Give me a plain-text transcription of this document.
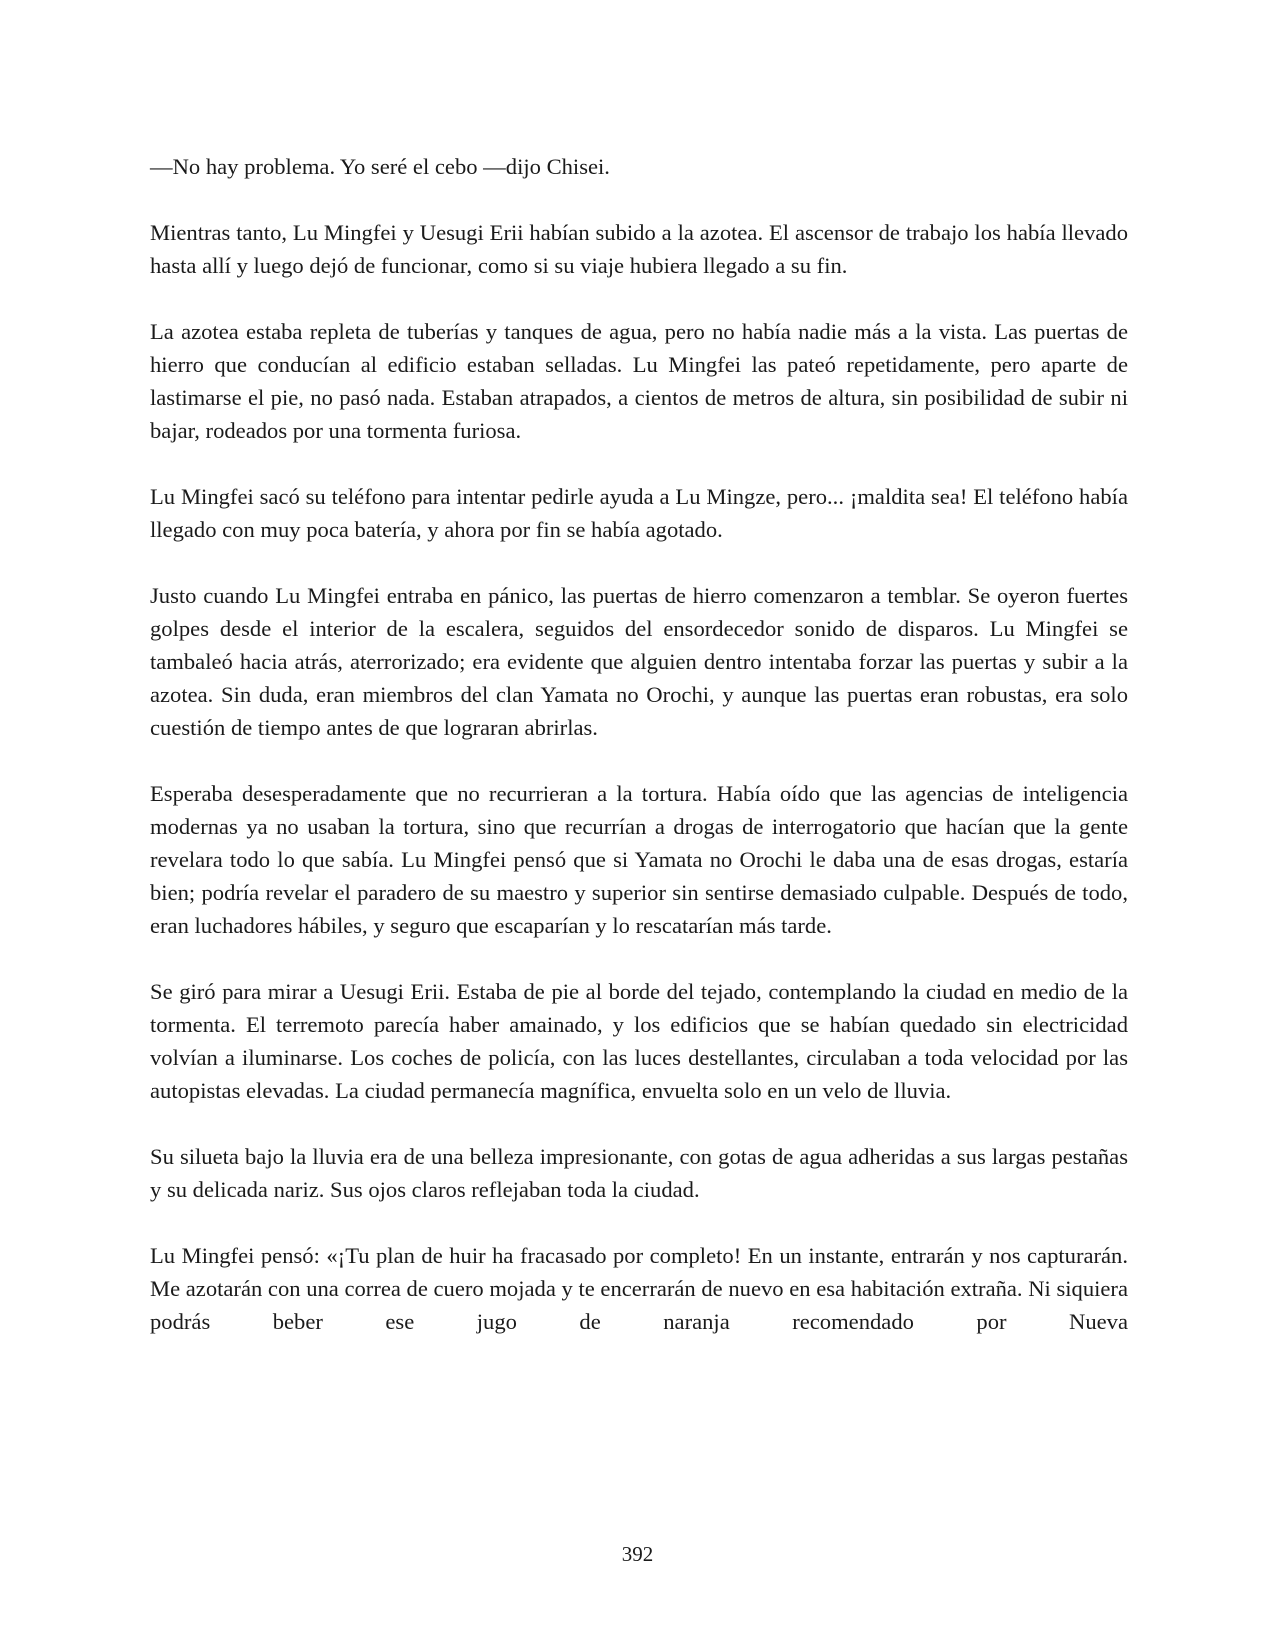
—No hay problema. Yo seré el cebo —dijo Chisei.

Mientras tanto, Lu Mingfei y Uesugi Erii habían subido a la azotea. El ascensor de trabajo los había llevado hasta allí y luego dejó de funcionar, como si su viaje hubiera llegado a su fin.

La azotea estaba repleta de tuberías y tanques de agua, pero no había nadie más a la vista. Las puertas de hierro que conducían al edificio estaban selladas. Lu Mingfei las pateó repetidamente, pero aparte de lastimarse el pie, no pasó nada. Estaban atrapados, a cientos de metros de altura, sin posibilidad de subir ni bajar, rodeados por una tormenta furiosa.

Lu Mingfei sacó su teléfono para intentar pedirle ayuda a Lu Mingze, pero... ¡maldita sea! El teléfono había llegado con muy poca batería, y ahora por fin se había agotado.

Justo cuando Lu Mingfei entraba en pánico, las puertas de hierro comenzaron a temblar. Se oyeron fuertes golpes desde el interior de la escalera, seguidos del ensordecedor sonido de disparos. Lu Mingfei se tambaleó hacia atrás, aterrorizado; era evidente que alguien dentro intentaba forzar las puertas y subir a la azotea. Sin duda, eran miembros del clan Yamata no Orochi, y aunque las puertas eran robustas, era solo cuestión de tiempo antes de que lograran abrirlas.

Esperaba desesperadamente que no recurrieran a la tortura. Había oído que las agencias de inteligencia modernas ya no usaban la tortura, sino que recurrían a drogas de interrogatorio que hacían que la gente revelara todo lo que sabía. Lu Mingfei pensó que si Yamata no Orochi le daba una de esas drogas, estaría bien; podría revelar el paradero de su maestro y superior sin sentirse demasiado culpable. Después de todo, eran luchadores hábiles, y seguro que escaparían y lo rescatarían más tarde.

Se giró para mirar a Uesugi Erii. Estaba de pie al borde del tejado, contemplando la ciudad en medio de la tormenta. El terremoto parecía haber amainado, y los edificios que se habían quedado sin electricidad volvían a iluminarse. Los coches de policía, con las luces destellantes, circulaban a toda velocidad por las autopistas elevadas. La ciudad permanecía magnífica, envuelta solo en un velo de lluvia.

Su silueta bajo la lluvia era de una belleza impresionante, con gotas de agua adheridas a sus largas pestañas y su delicada nariz. Sus ojos claros reflejaban toda la ciudad.

Lu Mingfei pensó: «¡Tu plan de huir ha fracasado por completo! En un instante, entrarán y nos capturarán. Me azotarán con una correa de cuero mojada y te encerrarán de nuevo en esa habitación extraña. Ni siquiera podrás beber ese jugo de naranja recomendado por Nueva

392
